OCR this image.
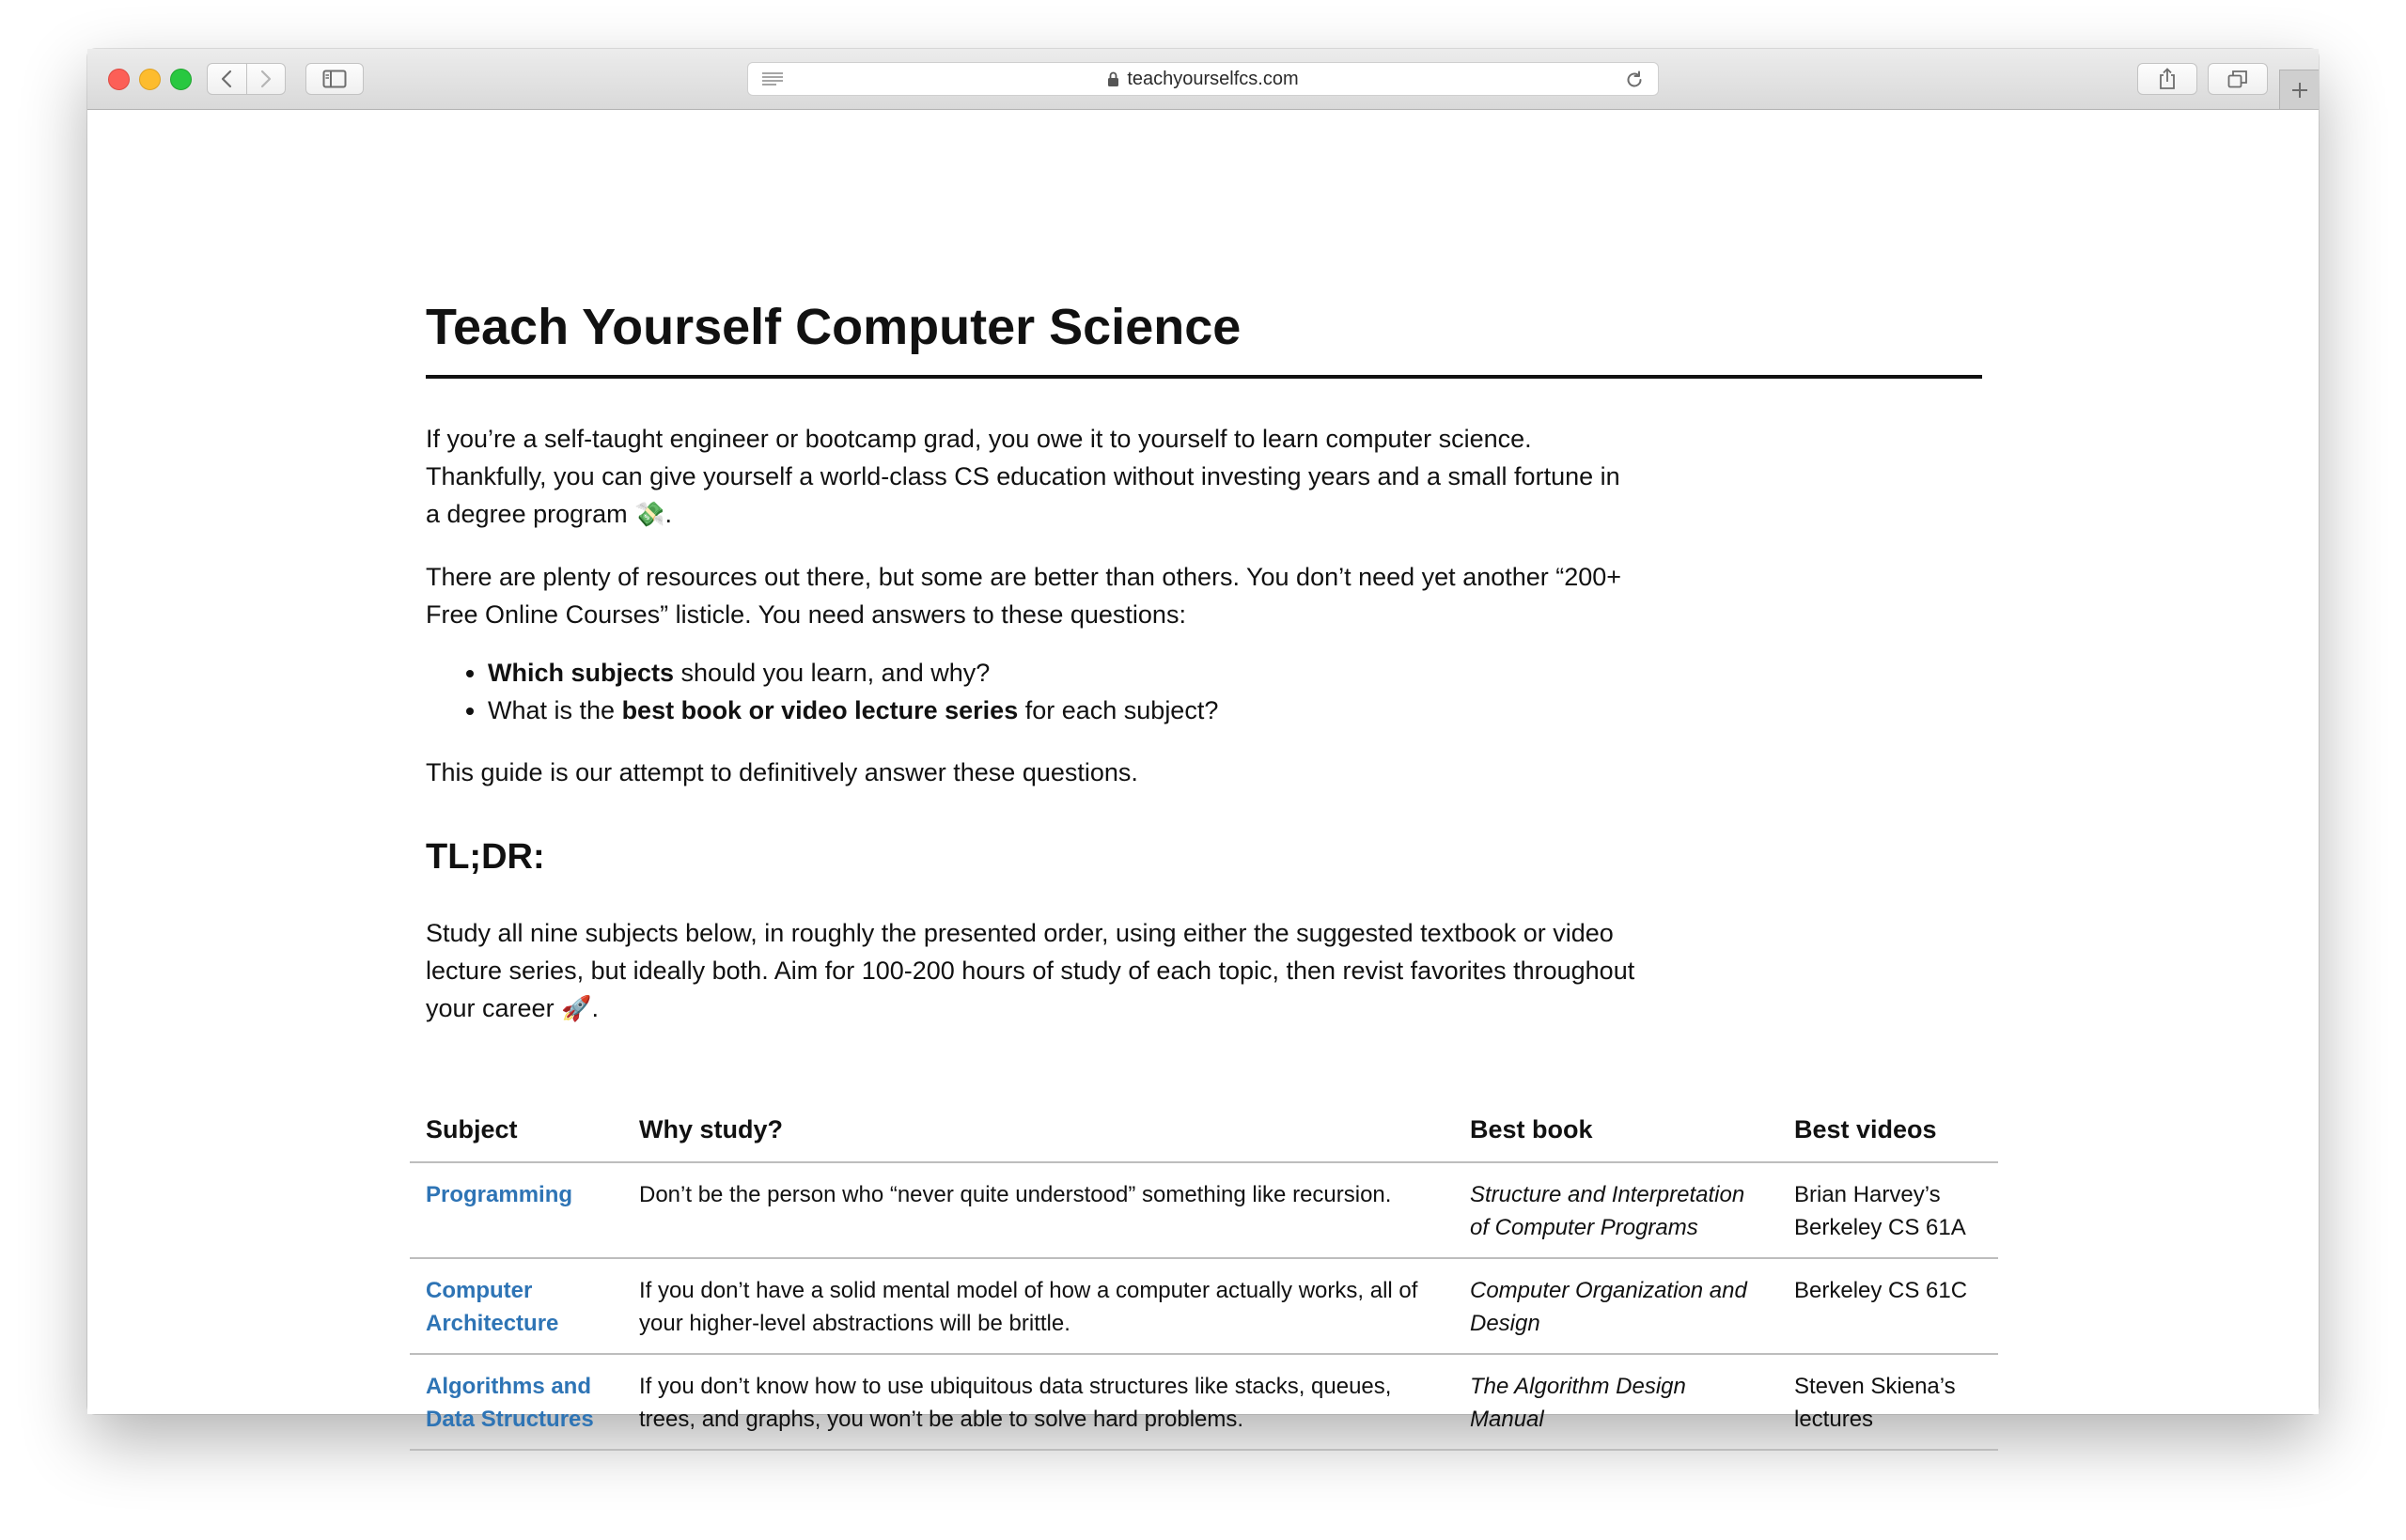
teachyourselfcs.com
Teach Yourself Computer Science

If you’re a self-taught engineer or bootcamp grad, you owe it to yourself to learn computer science. Thankfully, you can give yourself a world-class CS education without investing years and a small fortune in a degree program 💸.

There are plenty of resources out there, but some are better than others. You don’t need yet another “200+ Free Online Courses” listicle. You need answers to these questions:

• Which subjects should you learn, and why?
• What is the best book or video lecture series for each subject?

This guide is our attempt to definitively answer these questions.

TL;DR:

Study all nine subjects below, in roughly the presented order, using either the suggested textbook or video lecture series, but ideally both. Aim for 100-200 hours of study of each topic, then revist favorites throughout your career 🚀.

Subject	Why study?	Best book	Best videos
Programming	Don’t be the person who “never quite understood” something like recursion.	Structure and Interpretation of Computer Programs	Brian Harvey’s Berkeley CS 61A
Computer Architecture	If you don’t have a solid mental model of how a computer actually works, all of your higher-level abstractions will be brittle.	Computer Organization and Design	Berkeley CS 61C
Algorithms and Data Structures	If you don’t know how to use ubiquitous data structures like stacks, queues, trees, and graphs, you won’t be able to solve hard problems.	The Algorithm Design Manual	Steven Skiena’s lectures
